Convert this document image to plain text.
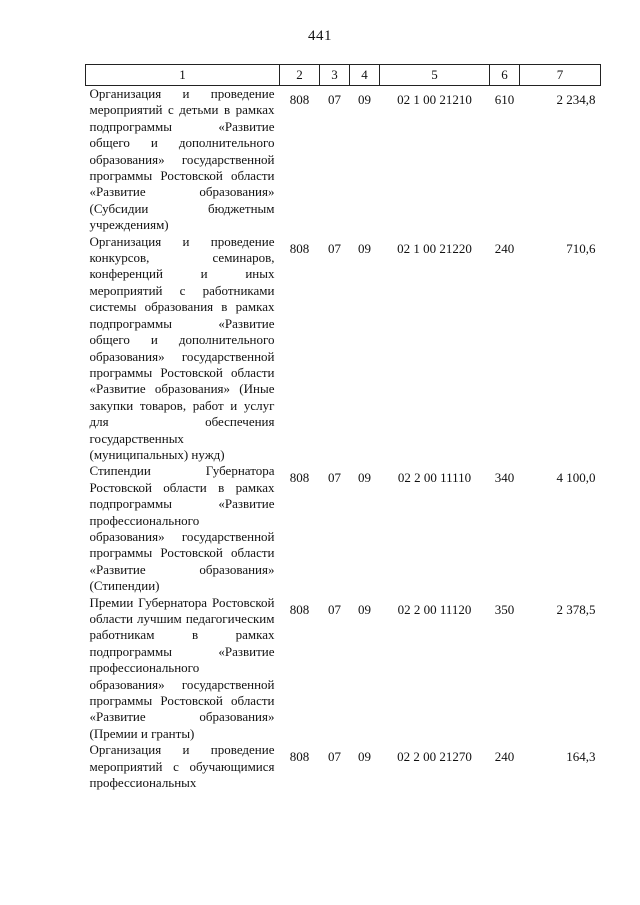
441
1	2	3	4	5	6	7
Организация и проведение мероприятий с детьми в рамках подпрограммы «Развитие общего и дополнительного образования» государственной программы Ростовской области «Развитие образования» (Субсидии бюджетным учреждениям)	808	07	09	02 1 00 21210	610	2 234,8
Организация и проведение конкурсов, семинаров, конференций и иных мероприятий с работниками системы образования в рамках подпрограммы «Развитие общего и дополнительного образования» государственной программы Ростовской области «Развитие образования» (Иные закупки товаров, работ и услуг для обеспечения государственных (муниципальных) нужд)	808	07	09	02 1 00 21220	240	710,6
Стипендии Губернатора Ростовской области в рамках подпрограммы «Развитие профессионального образования» государственной программы Ростовской области «Развитие образования» (Стипендии)	808	07	09	02 2 00 11110	340	4 100,0
Премии Губернатора Ростовской области лучшим педагогическим работникам в рамках подпрограммы «Развитие профессионального образования» государственной программы Ростовской области «Развитие образования» (Премии и гранты)	808	07	09	02 2 00 11120	350	2 378,5
Организация и проведение мероприятий с обучающимися профессиональных	808	07	09	02 2 00 21270	240	164,3
